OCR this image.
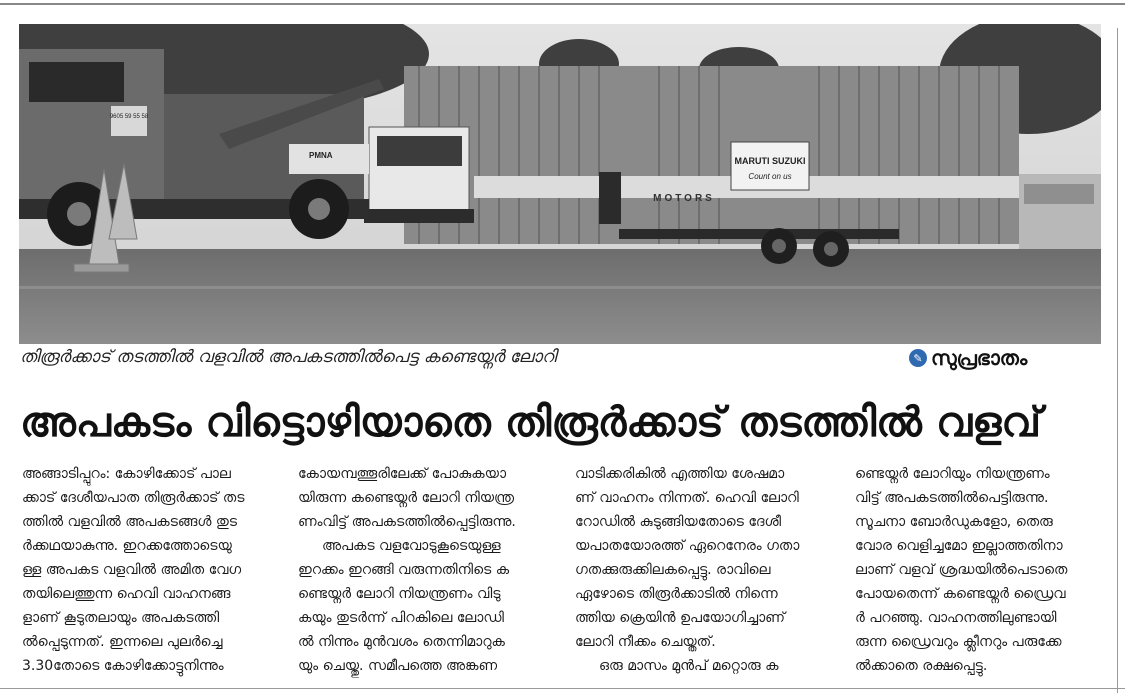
MARUTI SUZUKI
Count on us
MOTORS
9605 59 55 58
PMNA
തിരൂർക്കാട് തടത്തിൽ വളവിൽ അപകടത്തിൽപെട്ട കണ്ടെയ്നർ ലോറി	✎ സുപ്രഭാതം
അപകടം വിട്ടൊഴിയാതെ തിരൂർക്കാട് തടത്തിൽ വളവ്
അങ്ങാടിപ്പുറം: കോഴിക്കോട് പാല
ക്കാട് ദേശീയപാത തിരൂർക്കാട് തട
ത്തിൽ വളവിൽ അപകടങ്ങൾ തുട
ർക്കഥയാകുന്നു. ഇറക്കത്തോടെയു
ള്ള അപകട വളവിൽ അമിത വേഗ
തയിലെത്തുന്ന ഹെവി വാഹനങ്ങ
ളാണ് കൂടുതലായും അപകടത്തി
ൽപ്പെടുന്നത്. ഇന്നലെ പുലർച്ചെ
3.30തോടെ കോഴിക്കോട്ടുനിന്നും
കോയമ്പത്തൂരിലേക്ക് പോകുകയാ
യിരുന്ന കണ്ടെയ്നർ ലോറി നിയന്ത്ര
ണംവിട്ട് അപകടത്തിൽപ്പെട്ടിരുന്നു.
അപകട വളവോടുകൂടെയുള്ള
ഇറക്കം ഇറങ്ങി വരുന്നതിനിടെ ക
ണ്ടെയ്നർ ലോറി നിയന്ത്രണം വിടു
കയും തുടർന്ന് പിറകിലെ ലോഡി
ൽ നിന്നും മുൻവശം തെന്നിമാറുക
യും ചെയ്തു. സമീപത്തെ അങ്കണ
വാടിക്കരികിൽ എത്തിയ ശേഷമാ
ണ് വാഹനം നിന്നത്. ഹെവി ലോറി
റോഡിൽ കുടുങ്ങിയതോടെ ദേശീ
യപാതയോരത്ത് ഏറെനേരം ഗതാ
ഗതക്കുരുക്കിലകപ്പെട്ടു. രാവിലെ
ഏഴോടെ തിരൂർക്കാടിൽ നിന്നെ
ത്തിയ ക്രെയിൻ ഉപയോഗിച്ചാണ്
ലോറി നീക്കം ചെയ്തത്.
ഒരു മാസം മുൻപ് മറ്റൊരു ക
ണ്ടെയ്നർ ലോറിയും നിയന്ത്രണം
വിട്ട് അപകടത്തിൽപെട്ടിരുന്നു.
സൂചനാ ബോർഡുകളോ, തെരു
വോര വെളിച്ചമോ ഇല്ലാത്തതിനാ
ലാണ് വളവ് ശ്രദ്ധയിൽപെടാതെ
പോയതെന്ന് കണ്ടെയ്നർ ഡ്രൈവ
ർ പറഞ്ഞു. വാഹനത്തിലുണ്ടായി
രുന്ന ഡ്രൈവറും ക്ലീനറും പരുക്കേ
ൽക്കാതെ രക്ഷപ്പെട്ടു.
